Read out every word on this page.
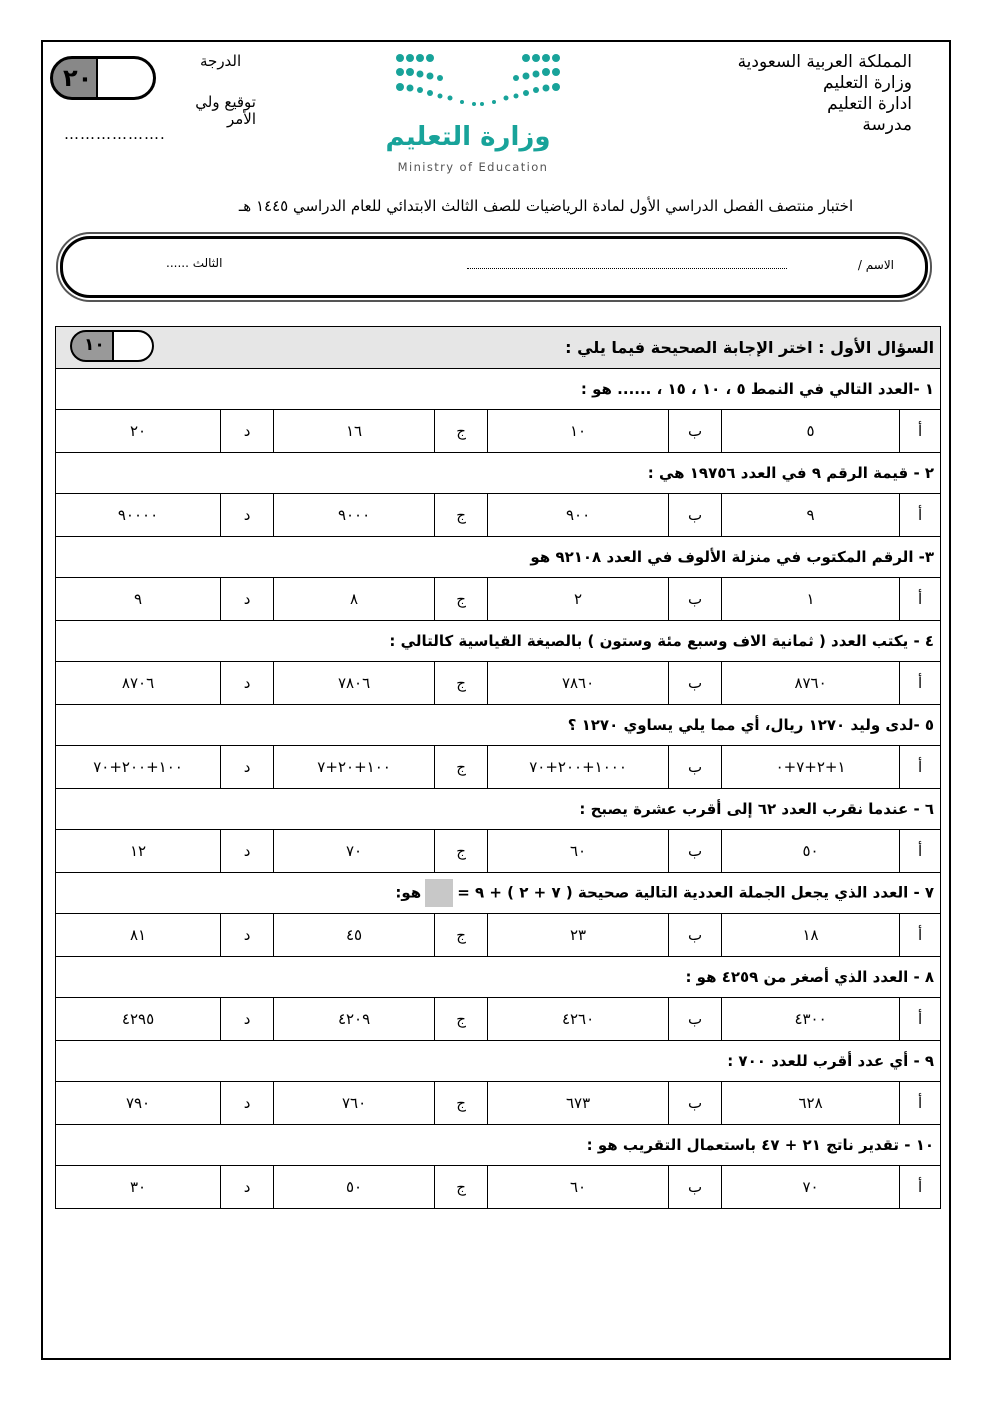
المملكة العربية السعودية
وزارة التعليم
ادارة التعليم
مدرسة
وزارة التعليم
Ministry of Education
الدرجة
٢٠
توقيع ولي الأمر
……………….
اختبار منتصف الفصل الدراسي الأول لمادة الرياضيات للصف الثالث الابتدائي للعام الدراسي ١٤٤٥ هـ
الاسم /
الثالث ......
السؤال الأول : اختر الإجابة الصحيحة فيما يلي :							
١ -العدد التالي في النمط ٥ ، ١٠ ، ١٥ ، ...... هو :							
أ	٥	ب	١٠	ج	١٦	د	٢٠
٢ - قيمة الرقم ٩ في العدد ١٩٧٥٦ هي :							
أ	٩	ب	٩٠٠	ج	٩٠٠٠	د	٩٠٠٠٠
٣- الرقم المكتوب في منزلة الألوف في العدد ٩٢١٠٨ هو							
أ	١	ب	٢	ج	٨	د	٩
٤ - يكتب العدد ( ثمانية الاف وسبع مئة وستون ) بالصيغة القياسية كالتالي :							
أ	٨٧٦٠	ب	٧٨٦٠	ج	٧٨٠٦	د	٨٧٠٦
٥ -لدى وليد ١٢٧٠ ريال، أي مما يلي يساوي ١٢٧٠ ؟							
أ	١+٢+٧+٠	ب	١٠٠٠+٢٠٠+٧٠	ج	١٠٠+٢٠+٧	د	١٠٠+٢٠٠+٧٠
٦ - عندما نقرب العدد ٦٢ إلى أقرب عشرة يصبح :							
أ	٥٠	ب	٦٠	ج	٧٠	د	١٢
٧ - العدد الذي يجعل الجملة العددية التالية صحيحة ( ٧ + ٢ ) + ٩ =هو:							
أ	١٨	ب	٢٣	ج	٤٥	د	٨١
٨ - العدد الذي أصغر من ٤٢٥٩ هو :							
أ	٤٣٠٠	ب	٤٢٦٠	ج	٤٢٠٩	د	٤٢٩٥
٩ - أي عدد أقرب للعدد ٧٠٠ :							
أ	٦٢٨	ب	٦٧٣	ج	٧٦٠	د	٧٩٠
١٠ - تقدير ناتج ٢١ + ٤٧ باستعمال التقريب هو :							
أ	٧٠	ب	٦٠	ج	٥٠	د	٣٠
١٠
